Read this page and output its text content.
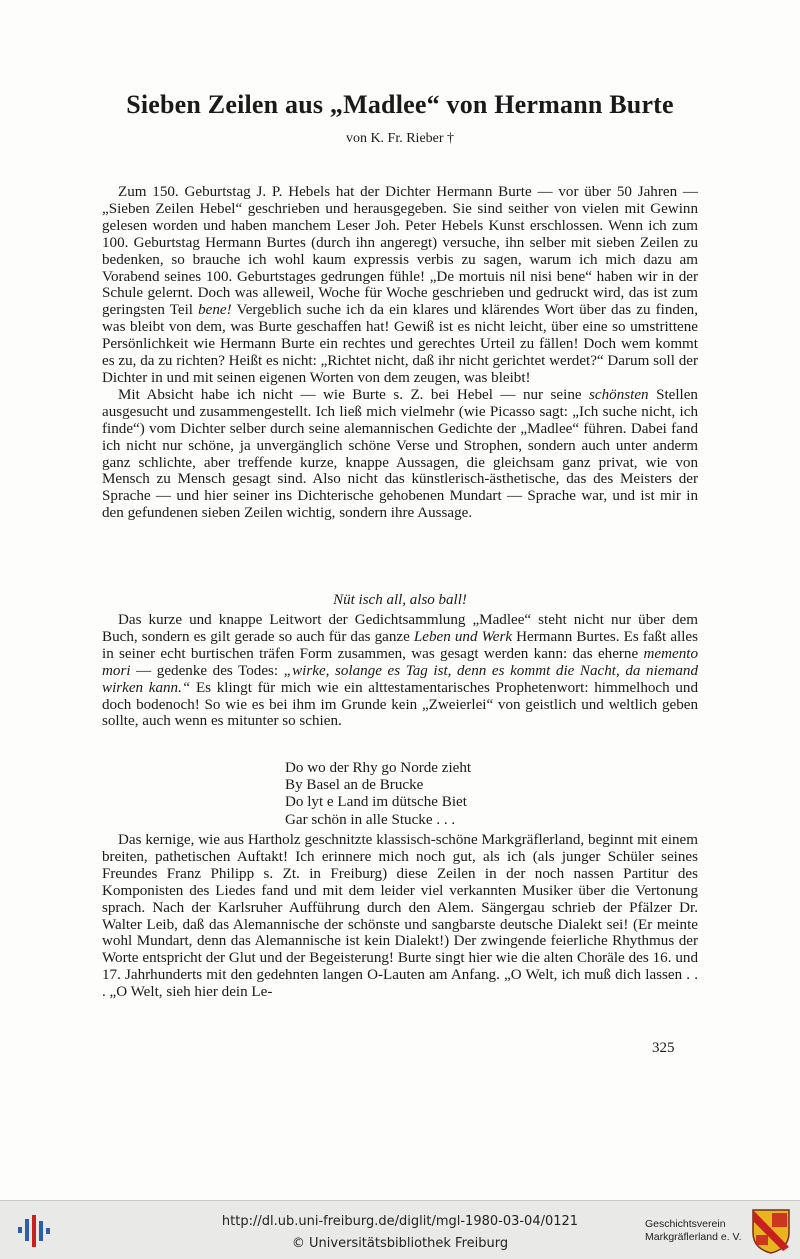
Sieben Zeilen aus „Madlee“ von Hermann Burte
von K. Fr. Rieber †

Zum 150. Geburtstag J. P. Hebels hat der Dichter Hermann Burte — vor über 50 Jahren — „Sieben Zeilen Hebel“ geschrieben und herausgegeben. Sie sind seither von vielen mit Gewinn gelesen worden und haben manchem Leser Joh. Peter Hebels Kunst erschlossen. Wenn ich zum 100. Geburtstag Hermann Burtes (durch ihn angeregt) versuche, ihn selber mit sieben Zeilen zu bedenken, so brauche ich wohl kaum expressis verbis zu sagen, warum ich mich dazu am Vorabend seines 100. Geburtstages gedrungen fühle! „De mortuis nil nisi bene“ haben wir in der Schule gelernt. Doch was alleweil, Woche für Woche geschrieben und gedruckt wird, das ist zum geringsten Teil bene! Vergeblich suche ich da ein klares und klärendes Wort über das zu finden, was bleibt von dem, was Burte geschaffen hat! Gewiß ist es nicht leicht, über eine so umstrittene Persönlichkeit wie Hermann Burte ein rechtes und gerechtes Urteil zu fällen! Doch wem kommt es zu, da zu richten? Heißt es nicht: „Richtet nicht, daß ihr nicht gerichtet werdet?“ Darum soll der Dichter in und mit seinen eigenen Worten von dem zeugen, was bleibt!

Mit Absicht habe ich nicht — wie Burte s. Z. bei Hebel — nur seine schönsten Stellen ausgesucht und zusammengestellt. Ich ließ mich vielmehr (wie Picasso sagt: „Ich suche nicht, ich finde“) vom Dichter selber durch seine alemannischen Gedichte der „Madlee“ führen. Dabei fand ich nicht nur schöne, ja unvergänglich schöne Verse und Strophen, sondern auch unter anderm ganz schlichte, aber treffende kurze, knappe Aussagen, die gleichsam ganz privat, wie von Mensch zu Mensch gesagt sind. Also nicht das künstlerisch-ästhetische, das des Meisters der Sprache — und hier seiner ins Dichterische gehobenen Mundart — Sprache war, und ist mir in den gefundenen sieben Zeilen wichtig, sondern ihre Aussage.

Nüt isch all, also ball!

Das kurze und knappe Leitwort der Gedichtsammlung „Madlee“ steht nicht nur über dem Buch, sondern es gilt gerade so auch für das ganze Leben und Werk Hermann Burtes. Es faßt alles in seiner echt burtischen träfen Form zusammen, was gesagt werden kann: das eherne memento mori — gedenke des Todes: „wirke, solange es Tag ist, denn es kommt die Nacht, da niemand wirken kann.“ Es klingt für mich wie ein alttestamentarisches Prophetenwort: himmelhoch und doch bodenoch! So wie es bei ihm im Grunde kein „Zweierlei“ von geistlich und weltlich geben sollte, auch wenn es mitunter so schien.

Do wo der Rhy go Norde zieht
By Basel an de Brucke
Do lyt e Land im dütsche Biet
Gar schön in alle Stucke . . .

Das kernige, wie aus Hartholz geschnitzte klassisch-schöne Markgräflerland, beginnt mit einem breiten, pathetischen Auftakt! Ich erinnere mich noch gut, als ich (als junger Schüler seines Freundes Franz Philipp s. Zt. in Freiburg) diese Zeilen in der noch nassen Partitur des Komponisten des Liedes fand und mit dem leider viel verkannten Musiker über die Vertonung sprach. Nach der Karlsruher Aufführung durch den Alem. Sängergau schrieb der Pfälzer Dr. Walter Leib, daß das Alemannische der schönste und sangbarste deutsche Dialekt sei! (Er meinte wohl Mundart, denn das Alemannische ist kein Dialekt!) Der zwingende feierliche Rhythmus der Worte entspricht der Glut und der Begeisterung! Burte singt hier wie die alten Choräle des 16. und 17. Jahrhunderts mit den gedehnten langen O-Lauten am Anfang. „O Welt, ich muß dich lassen . . . „O Welt, sieh hier dein Le-

325
http://dl.ub.uni-freiburg.de/diglit/mgl-1980-03-04/0121
© Universitätsbibliothek Freiburg
Geschichtsverein
Markgräflerland e. V.
